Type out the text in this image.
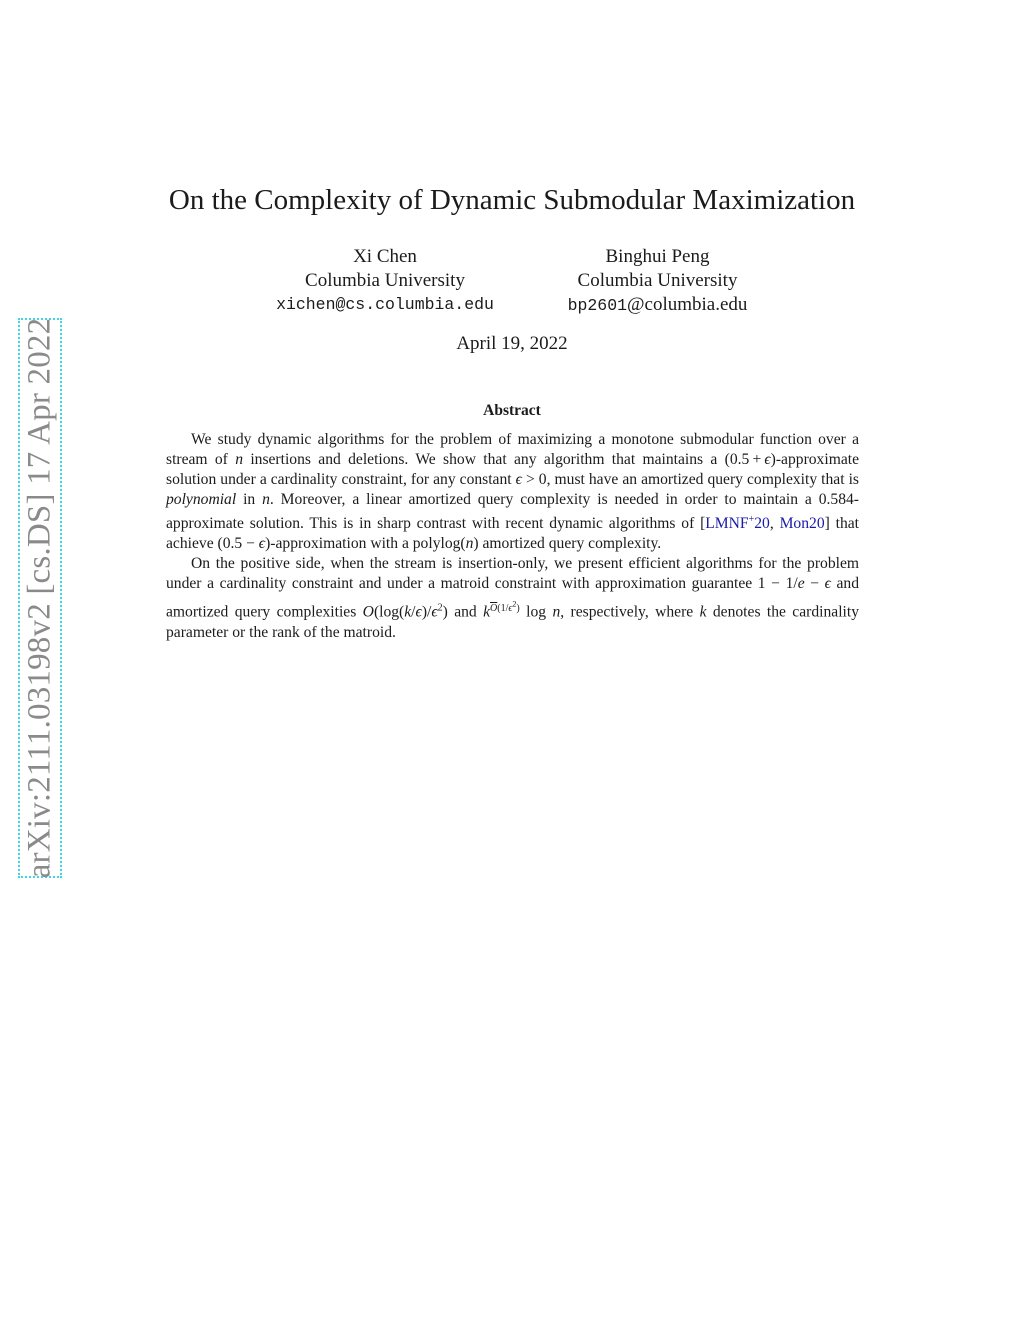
arXiv:2111.03198v2 [cs.DS] 17 Apr 2022
On the Complexity of Dynamic Submodular Maximization
Xi Chen
Columbia University
xichen@cs.columbia.edu
Binghui Peng
Columbia University
bp2601@columbia.edu
April 19, 2022
Abstract

We study dynamic algorithms for the problem of maximizing a monotone submodular function over a stream of n insertions and deletions. We show that any algorithm that maintains a (0.5 + ϵ)-approximate solution under a cardinality constraint, for any constant ϵ > 0, must have an amortized query complexity that is polynomial in n. Moreover, a linear amortized query complexity is needed in order to maintain a 0.584-approximate solution. This is in sharp contrast with recent dynamic algorithms of [LMNF+20, Mon20] that achieve (0.5 − ϵ)-approximation with a polylog(n) amortized query complexity.

On the positive side, when the stream is insertion-only, we present efficient algorithms for the problem under a cardinality constraint and under a matroid constraint with approximation guarantee 1 − 1/e − ϵ and amortized query complexities $O(\log(k/\epsilon)/\epsilon^2)$ and $k^{\overline{O}(1/\epsilon^2)}$ log n, respectively, where k denotes the cardinality parameter or the rank of the matroid.
